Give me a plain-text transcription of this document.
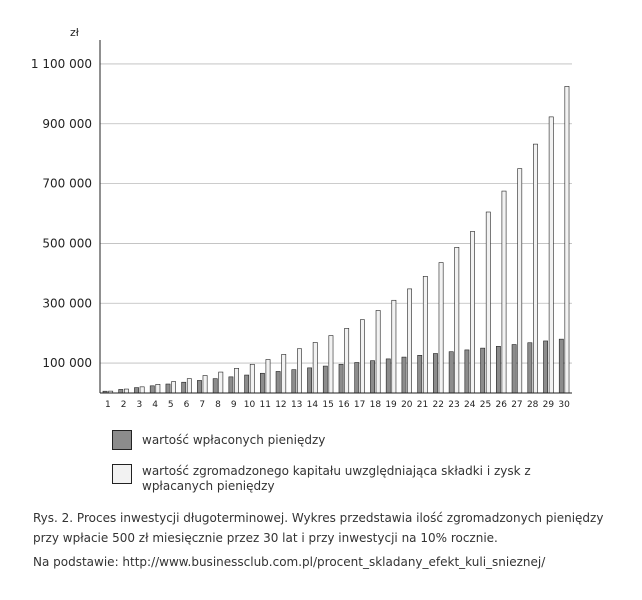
zł
100 000
300 000
500 000
700 000
900 000
1 100 000
1 2 3 4 5 6 7 8 9 10 11 12 13 14 15 16 17 18 19 20 21 22 23 24 25 26 27 28 29 30
wartość wpłaconych pieniędzy
wartość zgromadzonego kapitału uwzględniająca składki i zysk z wpłacanych pieniędzy
Rys. 2. Proces inwestycji długoterminowej. Wykres przedstawia ilość zgromadzonych pieniędzy
przy wpłacie 500 zł miesięcznie przez 30 lat i przy inwestycji na 10% rocznie.
Na podstawie: http://www.businessclub.com.pl/procent_skladany_efekt_kuli_snieznej/
